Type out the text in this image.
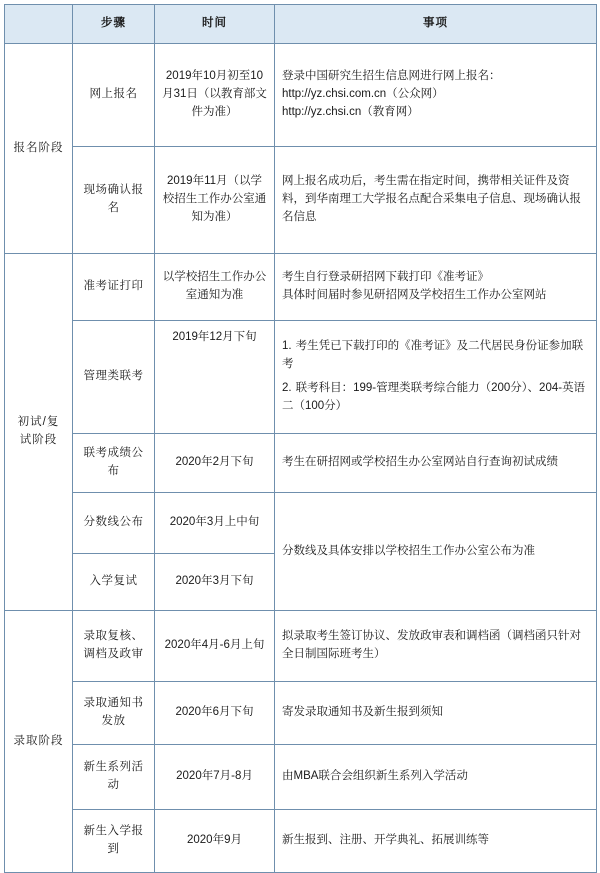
	步骤	时间	事项
报名阶段	网上报名	2019年10月初至10月31日（以教育部文件为准）	登录中国研究生招生信息网进行网上报名：
http://yz.chsi.com.cn（公众网）
http://yz.chsi.cn（教育网）

	现场确认报名	2019年11月（以学校招生工作办公室通知为准）	网上报名成功后，考生需在指定时间，携带相关证件及资料，到华南理工大学报名点配合采集电子信息、现场确认报名信息

初试/复试阶段	准考证打印	以学校招生工作办公室通知为准	考生自行登录研招网下载打印《准考证》
具体时间届时参见研招网及学校招生工作办公室网站

	管理类联考	2019年12月下旬	1. 考生凭已下载打印的《准考证》及二代居民身份证参加联考
2. 联考科目：199-管理类联考综合能力（200分）、204-英语二（100分）

	联考成绩公布	2020年2月下旬	考生在研招网或学校招生办公室网站自行查询初试成绩

	分数线公布	2020年3月上中旬	分数线及具体安排以学校招生工作办公室公布为准

	入学复试	2020年3月下旬	
录取阶段	录取复核、调档及政审	2020年4月-6月上旬	拟录取考生签订协议、发放政审表和调档函（调档函只针对全日制国际班考生）

	录取通知书发放	2020年6月下旬	寄发录取通知书及新生报到须知

	新生系列活动	2020年7月-8月	由MBA联合会组织新生系列入学活动

	新生入学报到	2020年9月	新生报到、注册、开学典礼、拓展训练等
